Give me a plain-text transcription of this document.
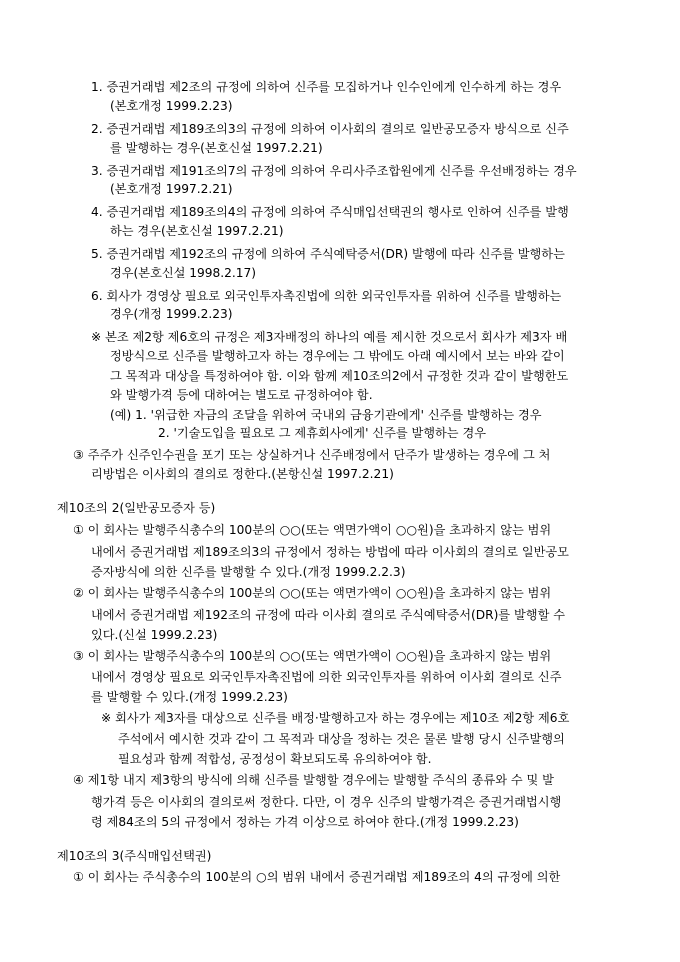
1. 증권거래법 제2조의 규정에 의하여 신주를 모집하거나 인수인에게 인수하게 하는 경우
(본호개정 1999.2.23)
2. 증권거래법 제189조의3의 규정에 의하여 이사회의 결의로 일반공모증자 방식으로 신주
를 발행하는 경우(본호신설 1997.2.21)
3. 증권거래법 제191조의7의 규정에 의하여 우리사주조합원에게 신주를 우선배정하는 경우
(본호개정 1997.2.21)
4. 증권거래법 제189조의4의 규정에 의하여 주식매입선택권의 행사로 인하여 신주를 발행
하는 경우(본호신설 1997.2.21)
5. 증권거래법 제192조의 규정에 의하여 주식예탁증서(DR) 발행에 따라 신주를 발행하는
경우(본호신설 1998.2.17)
6. 회사가 경영상 필요로 외국인투자촉진법에 의한 외국인투자를 위하여 신주를 발행하는
경우(개정 1999.2.23)
※ 본조 제2항 제6호의 규정은 제3자배정의 하나의 예를 제시한 것으로서 회사가 제3자 배
정방식으로 신주를 발행하고자 하는 경우에는 그 밖에도 아래 예시에서 보는 바와 같이
그 목적과 대상을 특정하여야 함. 이와 함께 제10조의2에서 규정한 것과 같이 발행한도
와 발행가격 등에 대하여는 별도로 규정하여야 함.
(예) 1. '위급한 자금의 조달을 위하여 국내외 금융기관에게' 신주를 발행하는 경우
2. '기술도입을 필요로 그 제휴회사에게' 신주를 발행하는 경우
③ 주주가 신주인수권을 포기 또는 상실하거나 신주배정에서 단주가 발생하는 경우에 그 처
리방법은 이사회의 결의로 정한다.(본항신설 1997.2.21)
제10조의 2(일반공모증자 등)
① 이 회사는 발행주식총수의 100분의 ○○(또는 액면가액이 ○○원)을 초과하지 않는 범위
내에서 증권거래법 제189조의3의 규정에서 정하는 방법에 따라 이사회의 결의로 일반공모
증자방식에 의한 신주를 발행할 수 있다.(개정 1999.2.2.3)
② 이 회사는 발행주식총수의 100분의 ○○(또는 액면가액이 ○○원)을 초과하지 않는 범위
내에서 증권거래법 제192조의 규정에 따라 이사회 결의로 주식예탁증서(DR)를 발행할 수
있다.(신설 1999.2.23)
③ 이 회사는 발행주식총수의 100분의 ○○(또는 액면가액이 ○○원)을 초과하지 않는 범위
내에서 경영상 필요로 외국인투자촉진법에 의한 외국인투자를 위하여 이사회 결의로 신주
를 발행할 수 있다.(개정 1999.2.23)
※ 회사가 제3자를 대상으로 신주를 배정·발행하고자 하는 경우에는 제10조 제2항 제6호
주석에서 예시한 것과 같이 그 목적과 대상을 정하는 것은 물론 발행 당시 신주발행의
필요성과 함께 적합성, 공정성이 확보되도록 유의하여야 함.
④ 제1항 내지 제3항의 방식에 의해 신주를 발행할 경우에는 발행할 주식의 종류와 수 및 발
행가격 등은 이사회의 결의로써 정한다. 다만, 이 경우 신주의 발행가격은 증권거래법시행
령 제84조의 5의 규정에서 정하는 가격 이상으로 하여야 한다.(개정 1999.2.23)
제10조의 3(주식매입선택권)
① 이 회사는 주식총수의 100분의 ○의 범위 내에서 증권거래법 제189조의 4의 규정에 의한
